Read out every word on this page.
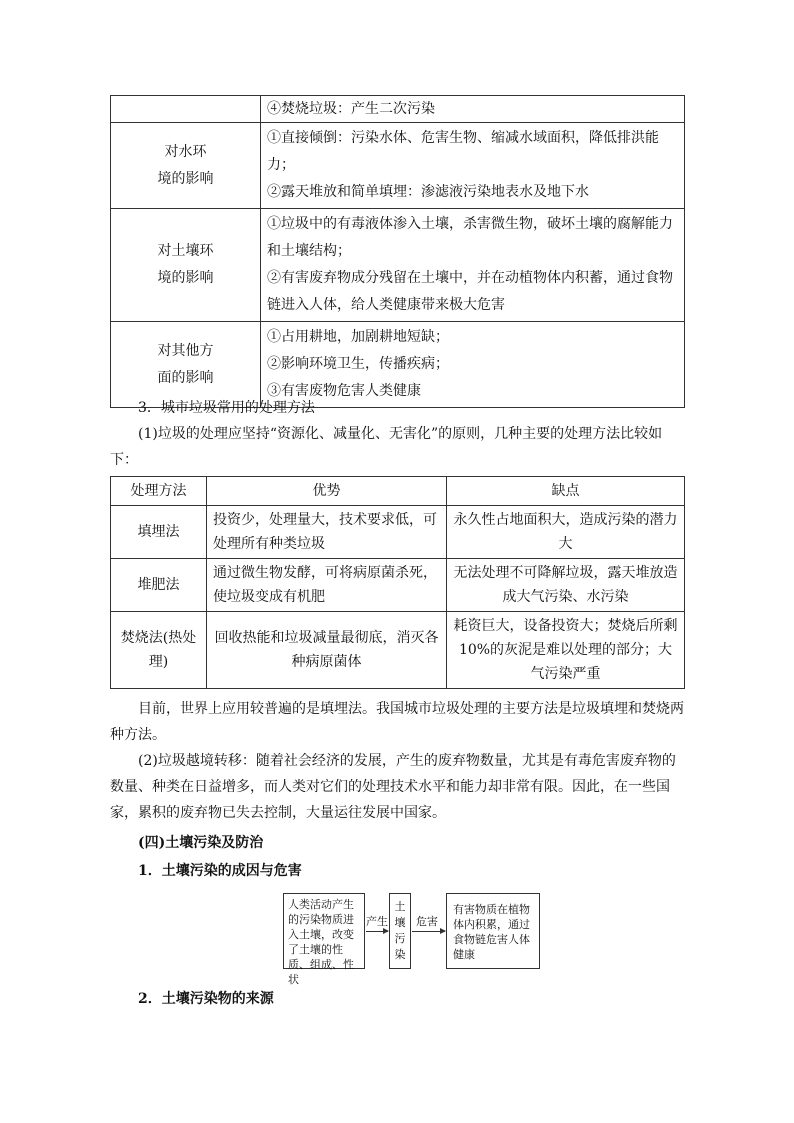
	④焚烧垃圾：产生二次污染

对水环
境的影响	①直接倾倒：污染水体、危害生物、缩减水域面积，降低排洪能力；
②露天堆放和简单填埋：渗滤液污染地表水及地下水

对土壤环
境的影响	①垃圾中的有毒液体渗入土壤，杀害微生物，破坏土壤的腐解能力
和土壤结构；
②有害废弃物成分残留在土壤中，并在动植物体内积蓄，通过食物
链进入人体，给人类健康带来极大危害

对其他方
面的影响	①占用耕地，加剧耕地短缺；
②影响环境卫生，传播疾病；
③有害废物危害人类健康

3．城市垃圾常用的处理方法

(1)垃圾的处理应坚持“资源化、减量化、无害化”的原则，几种主要的处理方法比较如下：

处理方法	优势	缺点
填埋法	投资少，处理量大，技术要求低，可处理所有种类垃圾	永久性占地面积大，造成污染的潜力大
堆肥法	通过微生物发酵，可将病原菌杀死，使垃圾变成有机肥	无法处理不可降解垃圾，露天堆放造成大气污染、水污染
焚烧法(热处理)	回收热能和垃圾减量最彻底，消灭各种病原菌体	耗资巨大，设备投资大；焚烧后所剩10%的灰泥是难以处理的部分；大气污染严重

目前，世界上应用较普遍的是填埋法。我国城市垃圾处理的主要方法是垃圾填埋和焚烧两种方法。

(2)垃圾越境转移：随着社会经济的发展，产生的废弃物数量，尤其是有毒危害废弃物的数量、种类在日益增多，而人类对它们的处理技术水平和能力却非常有限。因此，在一些国家，累积的废弃物已失去控制，大量运往发展中国家。

(四)土壤污染及防治

1．土壤污染的成因与危害

人类活动产生的污染物质进入土壤，改变了土壤的性质、组成、性状
产生
土壤污染
危害
有害物质在植物体内积累，通过食物链危害人体健康

2．土壤污染物的来源
